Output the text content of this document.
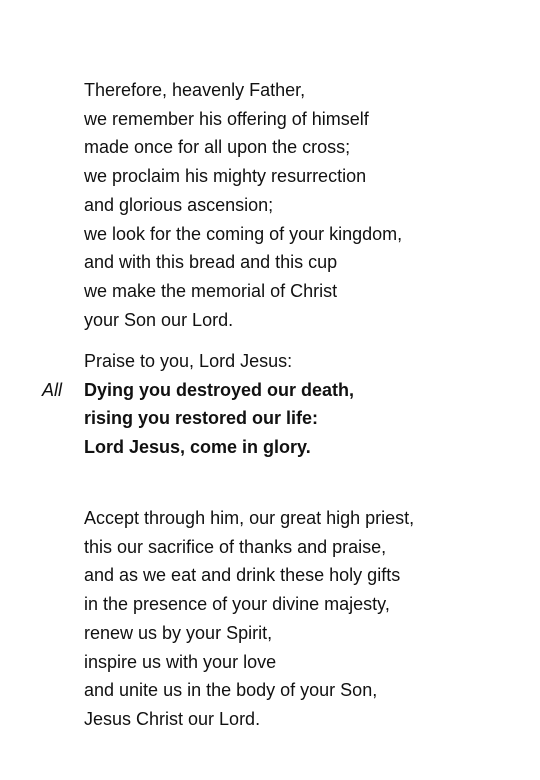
Therefore, heavenly Father,
we remember his offering of himself
made once for all upon the cross;
we proclaim his mighty resurrection
and glorious ascension;
we look for the coming of your kingdom,
and with this bread and this cup
we make the memorial of Christ
your Son our Lord.
Praise to you, Lord Jesus:
All Dying you destroyed our death,
rising you restored our life:
Lord Jesus, come in glory.
Accept through him, our great high priest,
this our sacrifice of thanks and praise,
and as we eat and drink these holy gifts
in the presence of your divine majesty,
renew us by your Spirit,
inspire us with your love
and unite us in the body of your Son,
Jesus Christ our Lord.
